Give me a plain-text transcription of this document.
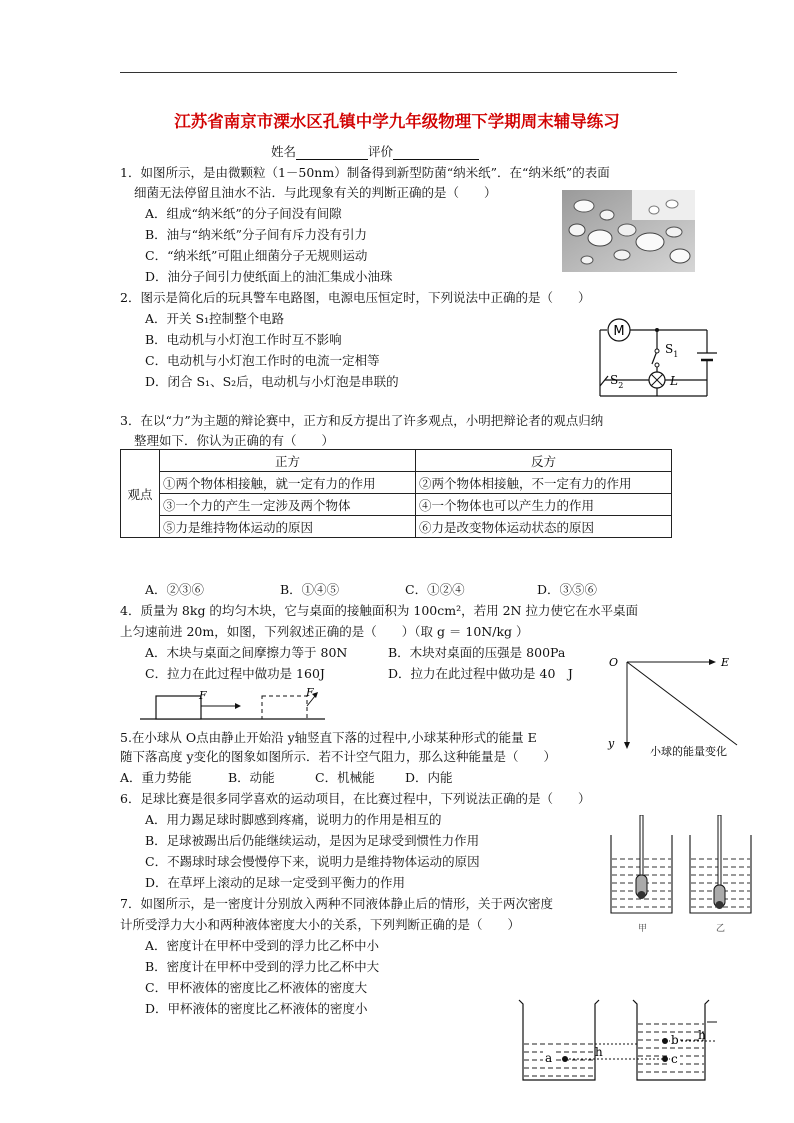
江苏省南京市溧水区孔镇中学九年级物理下学期周末辅导练习
姓名	评价
1．如图所示，是由微颗粒（1－50nm）制备得到新型防菌“纳米纸”．在“纳米纸”的表面
细菌无法停留且油水不沾．与此现象有关的判断正确的是（　　）
A．组成“纳米纸”的分子间没有间隙
B．油与“纳米纸”分子间有斥力没有引力
C．“纳米纸”可阻止细菌分子无规则运动
D．油分子间引力使纸面上的油汇集成小油珠
2．图示是简化后的玩具警车电路图，电源电压恒定时，下列说法中正确的是（　　）
A．开关 S₁控制整个电路
B．电动机与小灯泡工作时互不影响
C．电动机与小灯泡工作时的电流一定相等
D．闭合 S₁、S₂后，电动机与小灯泡是串联的
M
$S_1$
$S_2$	L
3．在以“力”为主题的辩论赛中，正方和反方提出了许多观点，小明把辩论者的观点归纳
整理如下．你认为正确的有（　　）
观点	正方	反方
	①两个物体相接触，就一定有力的作用	②两个物体相接触，不一定有力的作用
	③一个力的产生一定涉及两个物体	④一个物体也可以产生力的作用
	⑤力是维持物体运动的原因	⑥力是改变物体运动状态的原因
A．②③⑥	B．①④⑤	C．①②④	D．③⑤⑥
4．质量为 8kg 的均匀木块，它与桌面的接触面积为 100cm²，若用 2N 拉力使它在水平桌面
上匀速前进 20m，如图，下列叙述正确的是（　　）（取 g ＝ 10N/kg ）
A．木块与桌面之间摩擦力等于 80N	B．木块对桌面的压强是 800Pa
C．拉力在此过程中做功是 160J	D．拉力在此过程中做功是 40　J
F	F
5.在小球从 O点由静止开始沿 y轴竖直下落的过程中,小球某种形式的能量 E
随下落高度 y变化的图象如图所示．若不计空气阻力，那么这种能量是（　　）
A．重力势能	B．动能	C．机械能 D．内能
O	E
y
小球的能量变化
6．足球比赛是很多同学喜欢的运动项目，在比赛过程中，下列说法正确的是（　　）
A．用力踢足球时脚感到疼痛，说明力的作用是相互的
B．足球被踢出后仍能继续运动，是因为足球受到惯性力作用
C．不踢球时球会慢慢停下来，说明力是维持物体运动的原因
D．在草坪上滚动的足球一定受到平衡力的作用
甲	乙
7．如图所示，是一密度计分别放入两种不同液体静止后的情形，关于两次密度
计所受浮力大小和两种液体密度大小的关系，下列判断正确的是（　　）
A．密度计在甲杯中受到的浮力比乙杯中小
B．密度计在甲杯中受到的浮力比乙杯中大
C．甲杯液体的密度比乙杯液体的密度大
D．甲杯液体的密度比乙杯液体的密度小
a
b
c
h
h
